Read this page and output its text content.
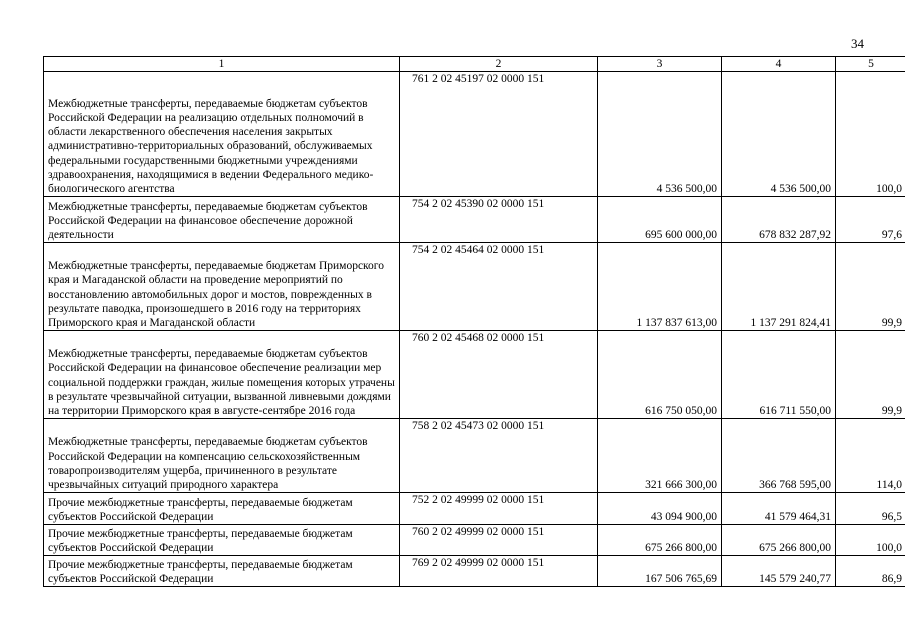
34
1	2	3	4	5
Межбюджетные трансферты, передаваемые бюджетам субъектов Российской Федерации на реализацию отдельных полномочий в области лекарственного обеспечения населения закрытых административно-территориальных образований, обслуживаемых федеральными государственными бюджетными учреждениями здравоохранения, находящимися в ведении Федерального медико-биологического агентства	761 2 02 45197 02 0000 151	4 536 500,00	4 536 500,00	100,0
Межбюджетные трансферты, передаваемые бюджетам субъектов Российской Федерации на финансовое обеспечение дорожной деятельности	754 2 02 45390 02 0000 151	695 600 000,00	678 832 287,92	97,6
Межбюджетные трансферты, передаваемые бюджетам Приморского края и Магаданской области на проведение мероприятий по восстановлению автомобильных дорог и мостов, поврежденных в результате паводка, произошедшего в 2016 году на территориях Приморского края и Магаданской области	754 2 02 45464 02 0000 151	1 137 837 613,00	1 137 291 824,41	99,9
Межбюджетные трансферты, передаваемые бюджетам субъектов Российской Федерации на финансовое обеспечение реализации мер социальной поддержки граждан, жилые помещения которых утрачены в результате чрезвычайной ситуации, вызванной ливневыми дождями на территории Приморского края в августе-сентябре 2016 года	760 2 02 45468 02 0000 151	616 750 050,00	616 711 550,00	99,9
Межбюджетные трансферты, передаваемые бюджетам субъектов Российской Федерации на компенсацию сельскохозяйственным товаропроизводителям ущерба, причиненного в результате чрезвычайных ситуаций природного характера	758 2 02 45473 02 0000 151	321 666 300,00	366 768 595,00	114,0
Прочие межбюджетные трансферты, передаваемые бюджетам субъектов Российской Федерации	752 2 02 49999 02 0000 151	43 094 900,00	41 579 464,31	96,5
Прочие межбюджетные трансферты, передаваемые бюджетам субъектов Российской Федерации	760 2 02 49999 02 0000 151	675 266 800,00	675 266 800,00	100,0
Прочие межбюджетные трансферты, передаваемые бюджетам субъектов Российской Федерации	769 2 02 49999 02 0000 151	167 506 765,69	145 579 240,77	86,9
